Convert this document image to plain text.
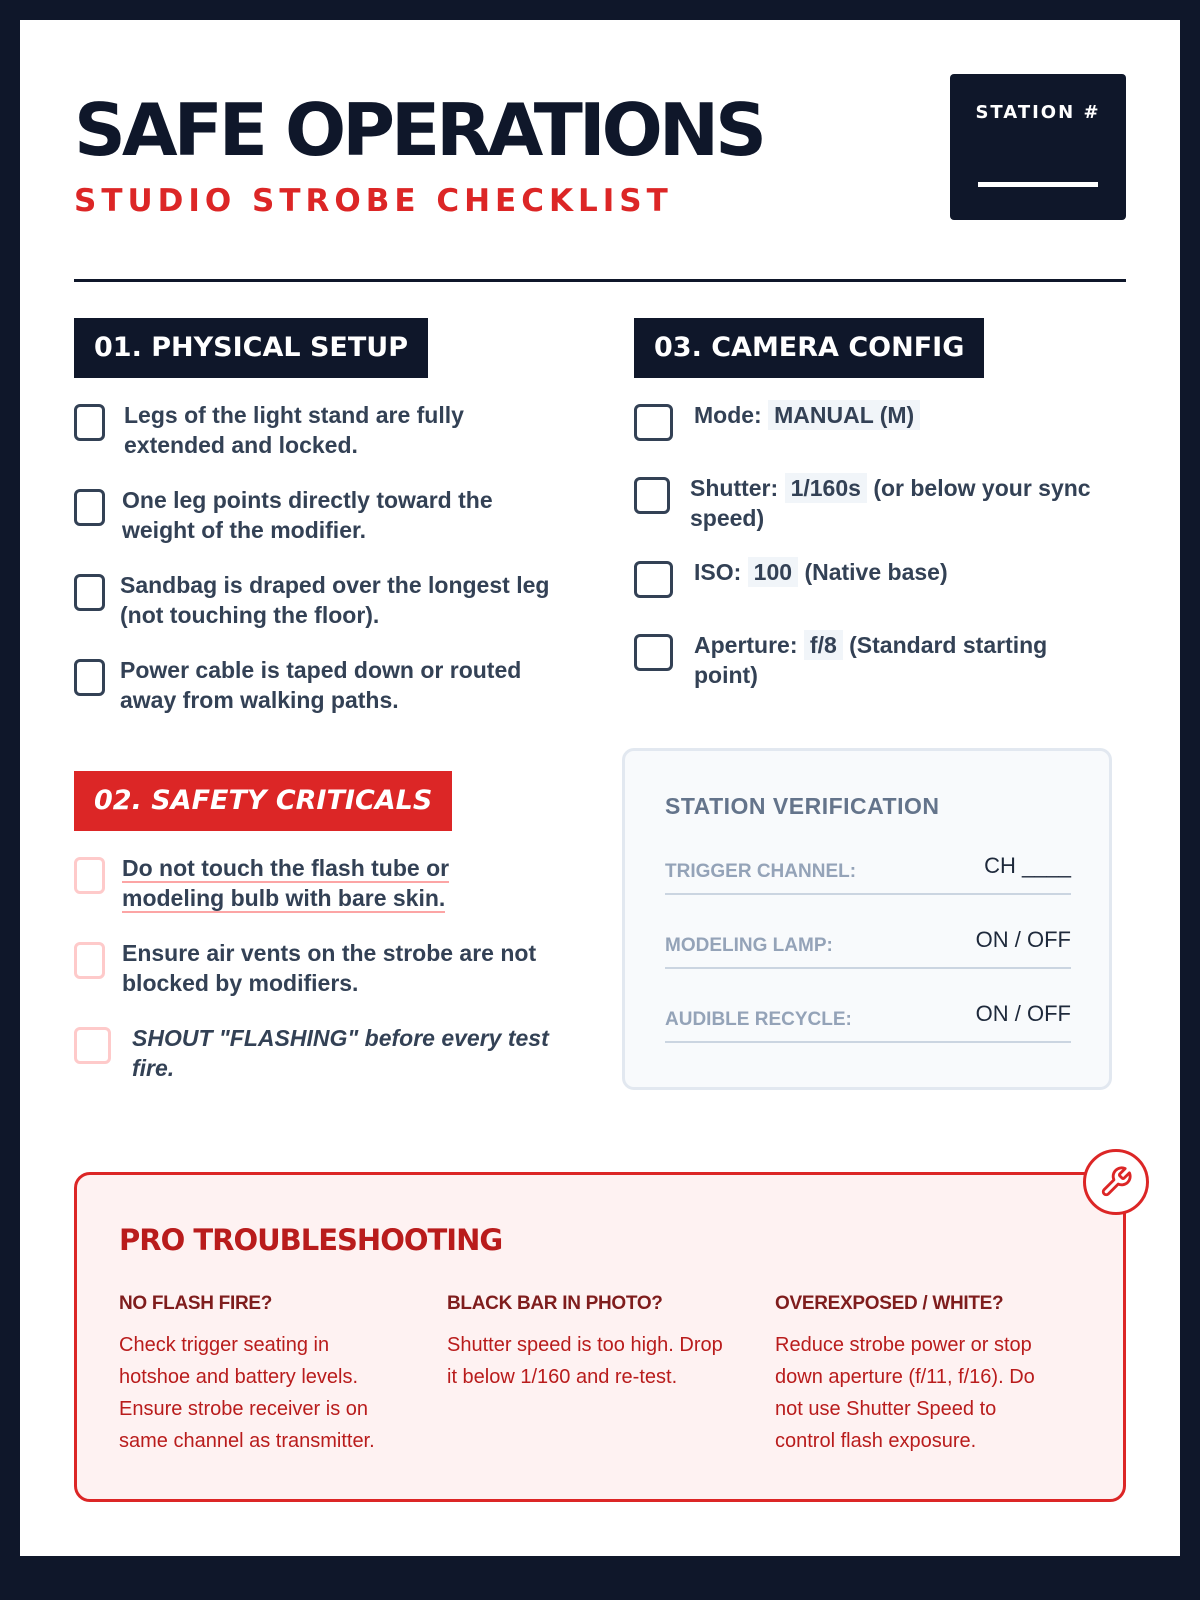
SAFE OPERATIONS
STUDIO STROBE CHECKLIST
STATION #
01. PHYSICAL SETUP
Legs of the light stand are fully
extended and locked.
One leg points directly toward the
weight of the modifier.
Sandbag is draped over the longest leg
(not touching the floor).
Power cable is taped down or routed
away from walking paths.
02. SAFETY CRITICALS
Do not touch the flash tube or
modeling bulb with bare skin.
Ensure air vents on the strobe are not
blocked by modifiers.
SHOUT "FLASHING" before every test
fire.
03. CAMERA CONFIG
Mode: MANUAL (M)
Shutter: 1/160s (or below your sync
speed)
ISO: 100 (Native base)
Aperture: f/8 (Standard starting
point)
STATION VERIFICATION
TRIGGER CHANNEL:	CH ____
MODELING LAMP:	ON / OFF
AUDIBLE RECYCLE:	ON / OFF
PRO TROUBLESHOOTING
NO FLASH FIRE?
Check trigger seating in
hotshoe and battery levels.
Ensure strobe receiver is on
same channel as transmitter.
BLACK BAR IN PHOTO?
Shutter speed is too high. Drop
it below 1/160 and re-test.
OVEREXPOSED / WHITE?
Reduce strobe power or stop
down aperture (f/11, f/16). Do
not use Shutter Speed to
control flash exposure.
